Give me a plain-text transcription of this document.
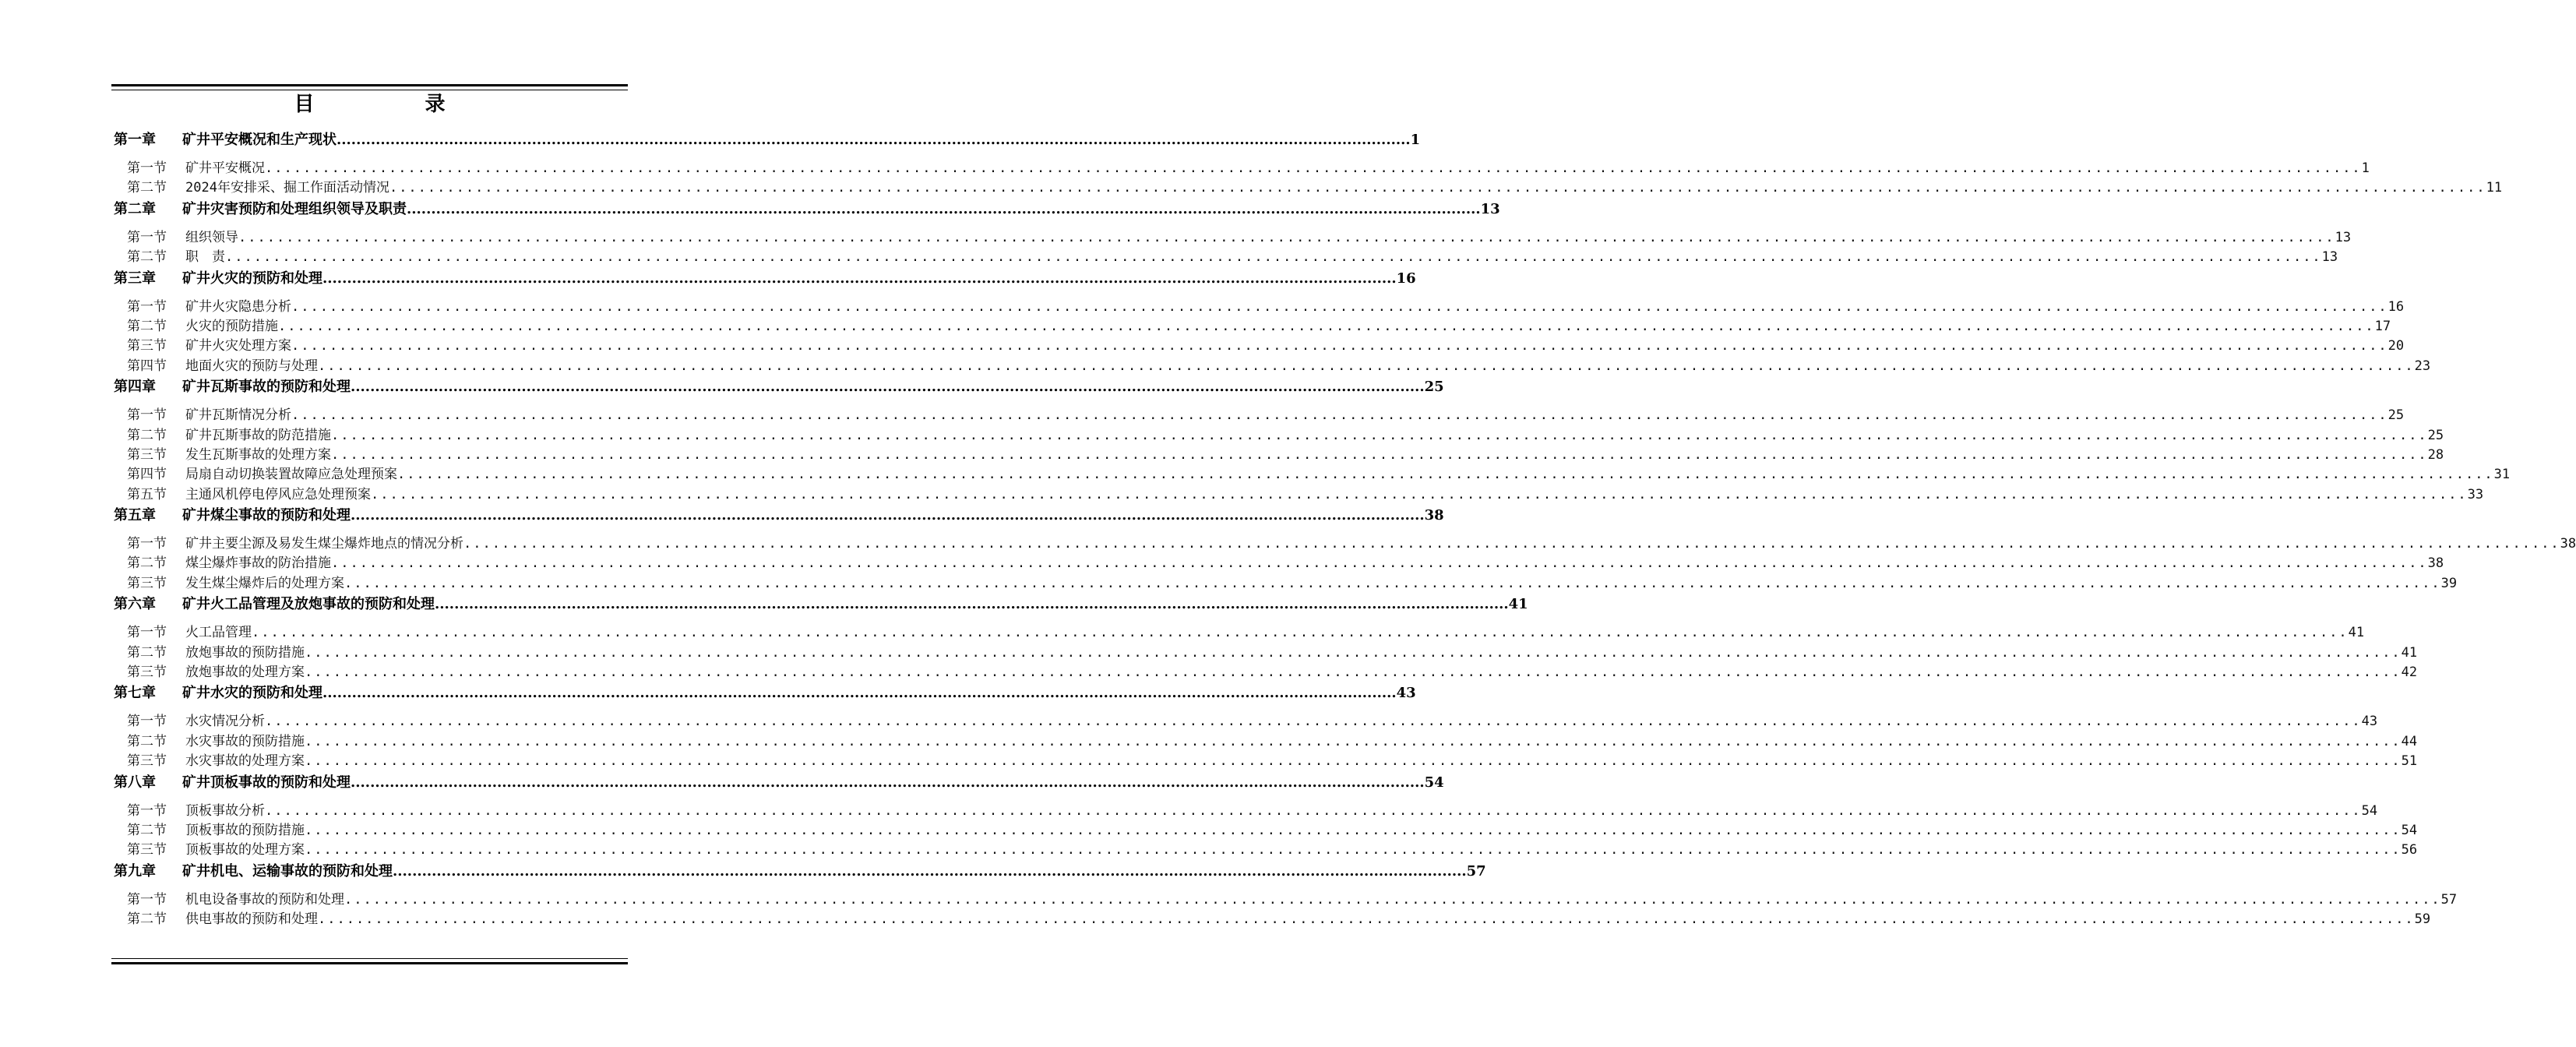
目　录
第一章 矿井平安概况和生产现状 ............................................................................................................................................................................................................................ 1
第一节 矿井平安概况 ............................................................................................................................................................................................................................ 1
第二节 2024年安排采、掘工作面活动情况 ............................................................................................................................................................................................................................ 11
第二章 矿井灾害预防和处理组织领导及职责 ............................................................................................................................................................................................................................ 13
第一节 组织领导 ............................................................................................................................................................................................................................ 13
第二节 职　责 ............................................................................................................................................................................................................................ 13
第三章 矿井火灾的预防和处理 ............................................................................................................................................................................................................................ 16
第一节 矿井火灾隐患分析 ............................................................................................................................................................................................................................ 16
第二节 火灾的预防措施 ............................................................................................................................................................................................................................ 17
第三节 矿井火灾处理方案 ............................................................................................................................................................................................................................ 20
第四节 地面火灾的预防与处理 ............................................................................................................................................................................................................................ 23
第四章 矿井瓦斯事故的预防和处理 ............................................................................................................................................................................................................................ 25
第一节 矿井瓦斯情况分析 ............................................................................................................................................................................................................................ 25
第二节 矿井瓦斯事故的防范措施 ............................................................................................................................................................................................................................ 25
第三节 发生瓦斯事故的处理方案 ............................................................................................................................................................................................................................ 28
第四节 局扇自动切换装置故障应急处理预案 ............................................................................................................................................................................................................................ 31
第五节 主通风机停电停风应急处理预案 ............................................................................................................................................................................................................................ 33
第五章 矿井煤尘事故的预防和处理 ............................................................................................................................................................................................................................ 38
第一节 矿井主要尘源及易发生煤尘爆炸地点的情况分析 ............................................................................................................................................................................................................................ 38
第二节 煤尘爆炸事故的防治措施 ............................................................................................................................................................................................................................ 38
第三节 发生煤尘爆炸后的处理方案 ............................................................................................................................................................................................................................ 39
第六章 矿井火工品管理及放炮事故的预防和处理 ............................................................................................................................................................................................................................ 41
第一节 火工品管理 ............................................................................................................................................................................................................................ 41
第二节 放炮事故的预防措施 ............................................................................................................................................................................................................................ 41
第三节 放炮事故的处理方案 ............................................................................................................................................................................................................................ 42
第七章 矿井水灾的预防和处理 ............................................................................................................................................................................................................................ 43
第一节 水灾情况分析 ............................................................................................................................................................................................................................ 43
第二节 水灾事故的预防措施 ............................................................................................................................................................................................................................ 44
第三节 水灾事故的处理方案 ............................................................................................................................................................................................................................ 51
第八章 矿井顶板事故的预防和处理 ............................................................................................................................................................................................................................ 54
第一节 顶板事故分析 ............................................................................................................................................................................................................................ 54
第二节 顶板事故的预防措施 ............................................................................................................................................................................................................................ 54
第三节 顶板事故的处理方案 ............................................................................................................................................................................................................................ 56
第九章 矿井机电、运输事故的预防和处理 ............................................................................................................................................................................................................................ 57
第一节 机电设备事故的预防和处理 ............................................................................................................................................................................................................................ 57
第二节 供电事故的预防和处理 ............................................................................................................................................................................................................................ 59
